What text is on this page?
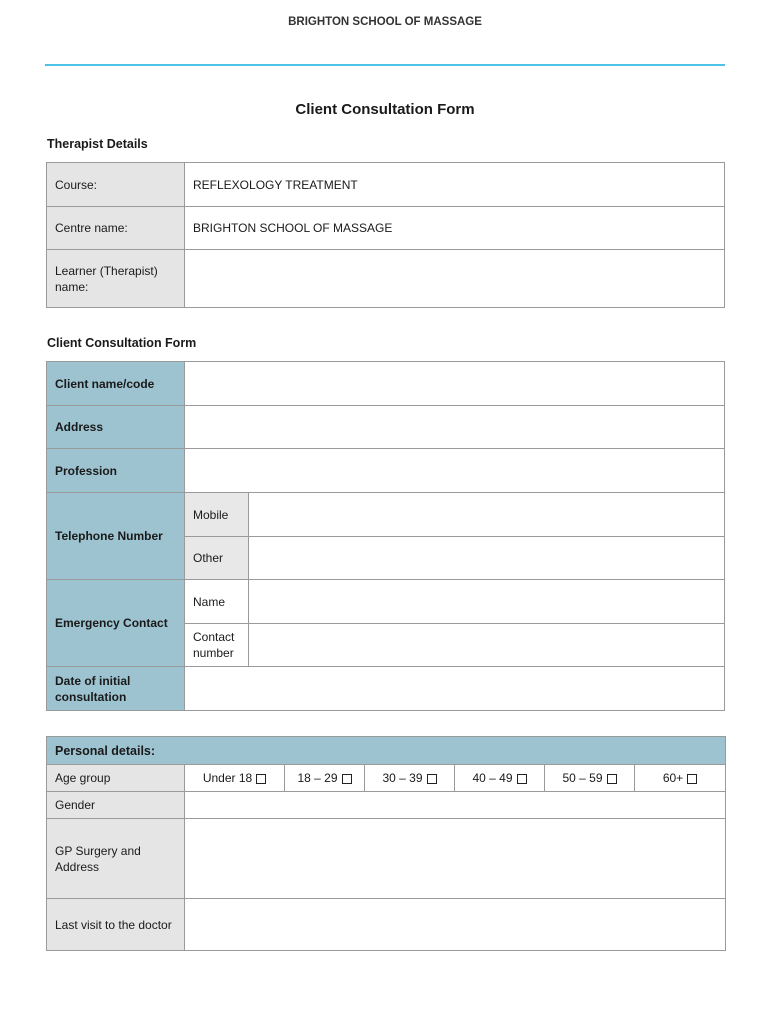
BRIGHTON SCHOOL OF MASSAGE
Client Consultation Form
Therapist Details
Course:	REFLEXOLOGY TREATMENT
Centre name:	BRIGHTON SCHOOL OF MASSAGE
Learner (Therapist) name:	
Client Consultation Form
Client name/code		
Address		
Profession		
Telephone Number	Mobile	
	Other	
Emergency Contact	Name	
	Contact number	
Date of initial consultation		
Personal details:						
Age group	Under 18	18 – 29	30 – 39	40 – 49	50 – 59	60+
Gender						
GP Surgery and Address						
Last visit to the doctor						
